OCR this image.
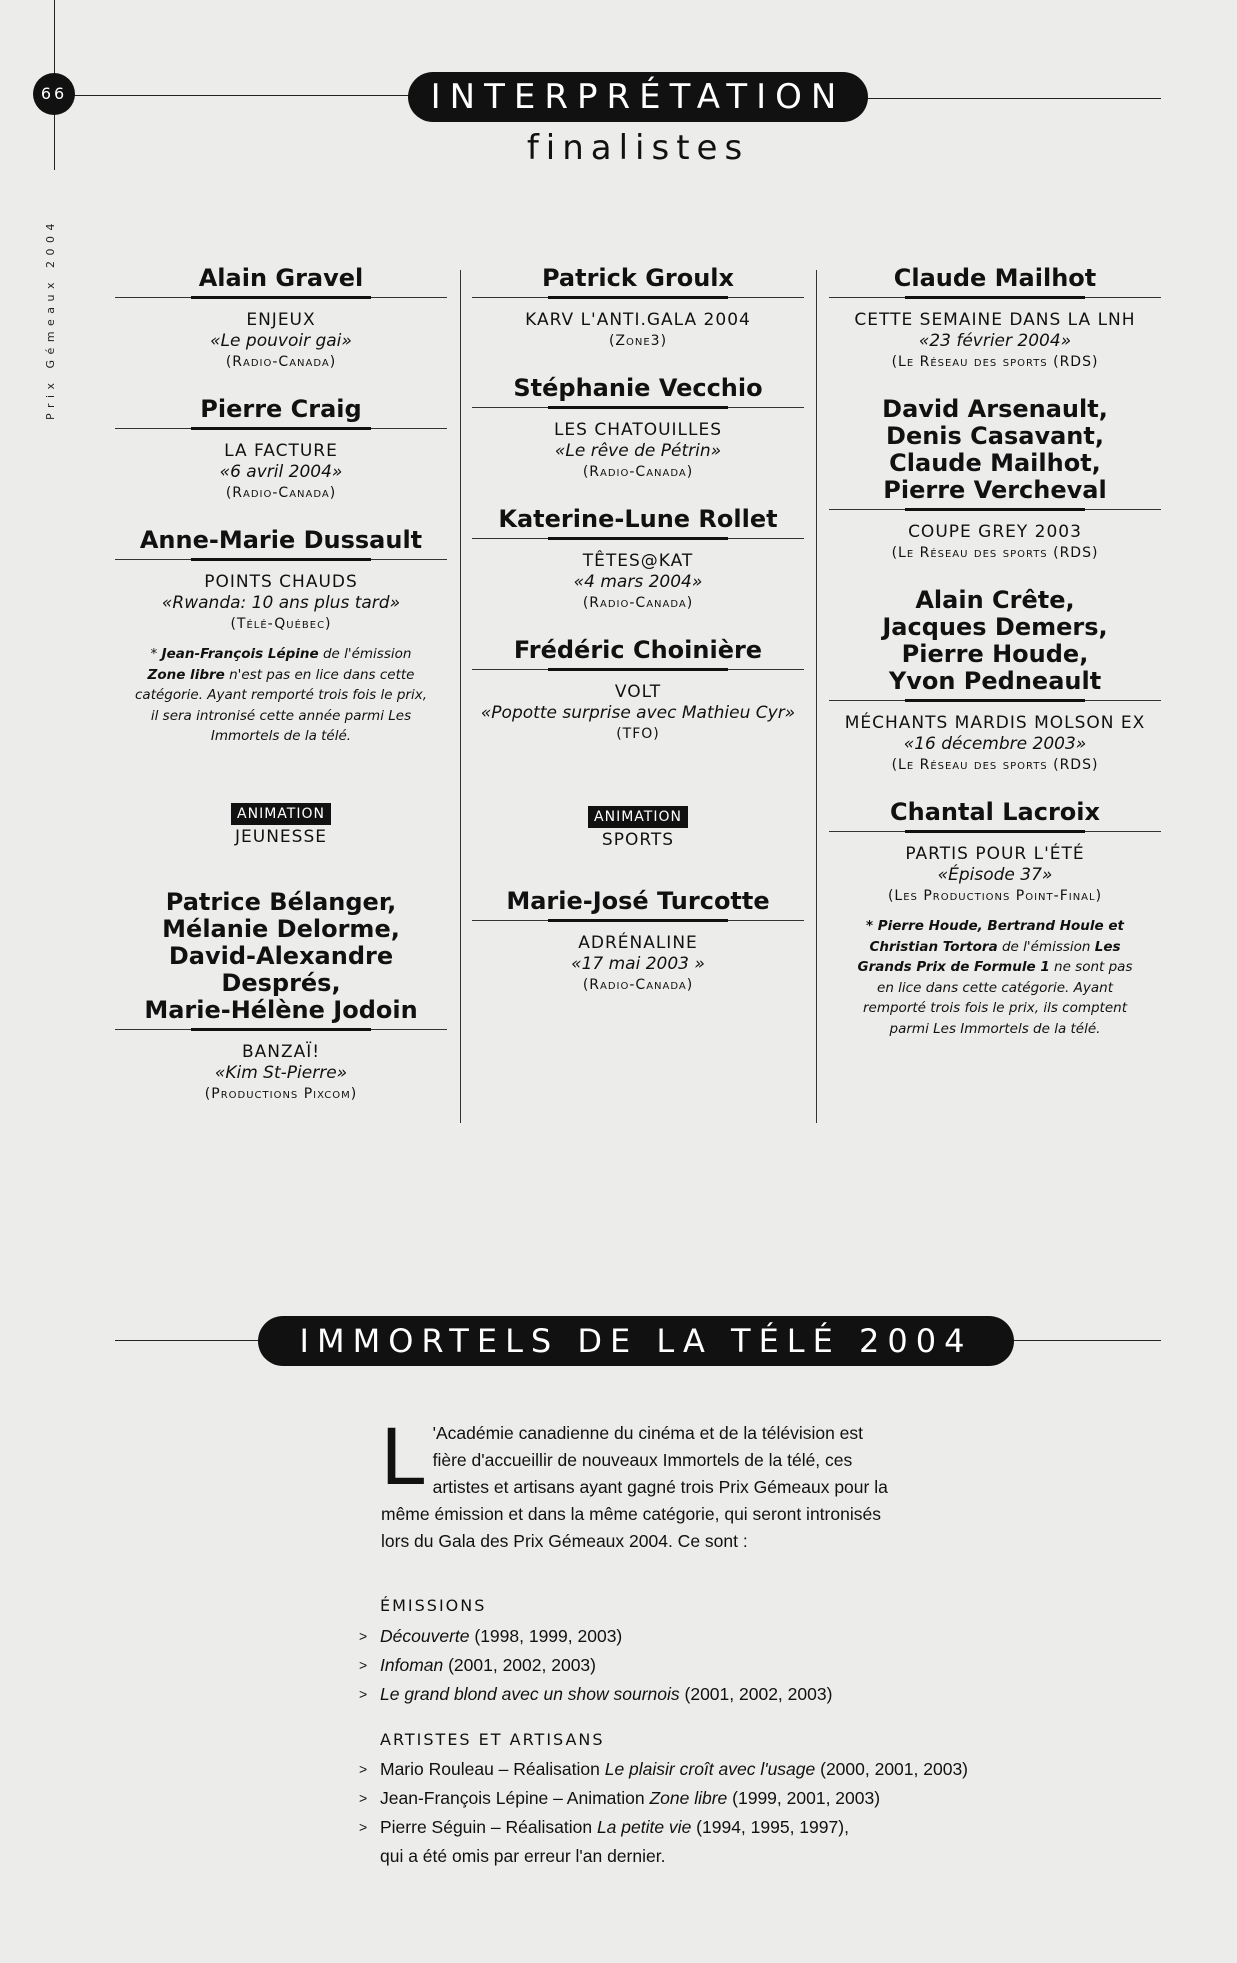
66
Prix Gémeaux 2004
INTERPRÉTATION
finalistes
Alain Gravel
ENJEUX
«Le pouvoir gai»
(Radio-Canada)
Pierre Craig
LA FACTURE
«6 avril 2004»
(Radio-Canada)
Anne-Marie Dussault
POINTS CHAUDS
«Rwanda: 10 ans plus tard»
(Télé-Québec)
* Jean-François Lépine de l'émission Zone libre n'est pas en lice dans cette catégorie. Ayant remporté trois fois le prix, il sera intronisé cette année parmi Les Immortels de la télé.
ANIMATION
JEUNESSE
Patrice Bélanger,
Mélanie Delorme,
David-Alexandre Després,
Marie-Hélène Jodoin
BANZAÏ!
«Kim St-Pierre»
(Productions Pixcom)
Patrick Groulx
KARV L'ANTI.GALA 2004
(Zone3)
Stéphanie Vecchio
LES CHATOUILLES
«Le rêve de Pétrin»
(Radio-Canada)
Katerine-Lune Rollet
TÊTES@KAT
«4 mars 2004»
(Radio-Canada)
Frédéric Choinière
VOLT
«Popotte surprise avec Mathieu Cyr»
(TFO)
ANIMATION
SPORTS
Marie-José Turcotte
ADRÉNALINE
«17 mai 2003 »
(Radio-Canada)
Claude Mailhot
CETTE SEMAINE DANS LA LNH
«23 février 2004»
(Le Réseau des sports (RDS)
David Arsenault,
Denis Casavant,
Claude Mailhot,
Pierre Vercheval
COUPE GREY 2003
(Le Réseau des sports (RDS)
Alain Crête,
Jacques Demers,
Pierre Houde,
Yvon Pedneault
MÉCHANTS MARDIS MOLSON EX
«16 décembre 2003»
(Le Réseau des sports (RDS)
Chantal Lacroix
PARTIS POUR L'ÉTÉ
«Épisode 37»
(Les Productions Point-Final)
* Pierre Houde, Bertrand Houle et Christian Tortora de l'émission Les Grands Prix de Formule 1 ne sont pas en lice dans cette catégorie. Ayant remporté trois fois le prix, ils comptent parmi Les Immortels de la télé.
IMMORTELS DE LA TÉLÉ 2004
L 'Académie canadienne du cinéma et de la télévision est fière d'accueillir de nouveaux Immortels de la télé, ces artistes et artisans ayant gagné trois Prix Gémeaux pour la même émission et dans la même catégorie, qui seront intronisés lors du Gala des Prix Gémeaux 2004. Ce sont :
ÉMISSIONS
> Découverte (1998, 1999, 2003)
> Infoman (2001, 2002, 2003)
> Le grand blond avec un show sournois (2001, 2002, 2003)
ARTISTES ET ARTISANS
> Mario Rouleau – Réalisation Le plaisir croît avec l'usage (2000, 2001, 2003)
> Jean-François Lépine – Animation Zone libre (1999, 2001, 2003)
> Pierre Séguin – Réalisation La petite vie (1994, 1995, 1997),
qui a été omis par erreur l'an dernier.
